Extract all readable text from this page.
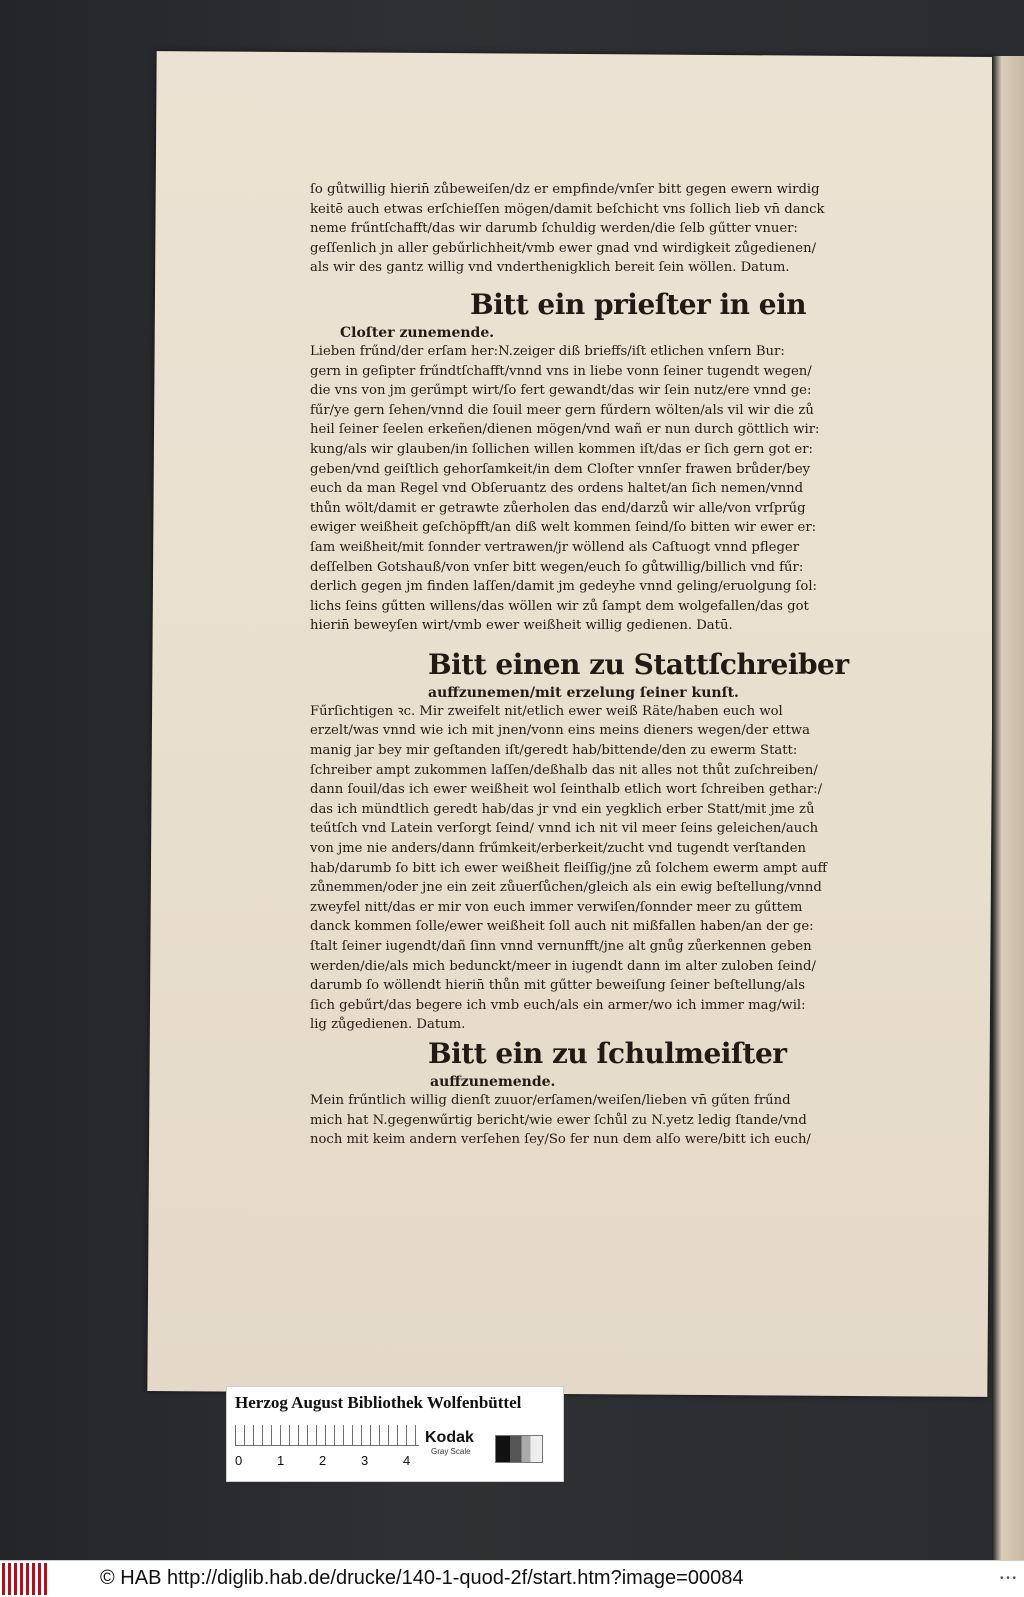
ſo gůtwillig hierin̄ zůbeweiſen/dz er empfinde/vnſer bitt gegen ewern wirdig
keitē auch etwas erſchieſſen mögen/damit beſchicht vns ſollich lieb vn̄ danck
neme frűntſchafft/das wir darumb ſchuldig werden/die ſelb gűtter vnuer:
geſſenlich jn aller gebűrlichheit/vmb ewer gnad vnd wirdigkeit zůgedienen/
als wir des gantz willig vnd vnderthenigklich bereit ſein wöllen. Datum.
Bitt ein prieſter in ein
Cloſter zunemende.
Lieben frűnd/der erſam her:N.zeiger diß brieffs/iſt etlichen vnſern Bur:
gern in geſipter frűndtſchafft/vnnd vns in liebe vonn ſeiner tugendt wegen/
die vns von jm gerűmpt wirt/ſo fert gewandt/das wir ſein nutz/ere vnnd ge:
fűr/ye gern ſehen/vnnd die ſouil meer gern fűrdern wölten/als vil wir die zů
heil ſeiner ſeelen erkeñen/dienen mögen/vnd wañ er nun durch göttlich wir:
kung/als wir glauben/in ſollichen willen kommen iſt/das er ſich gern got er:
geben/vnd geiſtlich gehorſamkeit/in dem Cloſter vnnſer frawen brůder/bey
euch da man Regel vnd Obſeruantz des ordens haltet/an ſich nemen/vnnd
thůn wölt/damit er getrawte zůerholen das end/darzů wir alle/von vrſprűg
ewiger weißheit geſchöpfft/an diß welt kommen ſeind/ſo bitten wir ewer er:
ſam weißheit/mit ſonnder vertrawen/jr wöllend als Caſtuogt vnnd pfleger
deſſelben Gotshauß/von vnſer bitt wegen/euch ſo gůtwillig/billich vnd fűr:
derlich gegen jm finden laſſen/damit jm gedeyhe vnnd geling/eruolgung ſol:
lichs ſeins gűtten willens/das wöllen wir zů ſampt dem wolgefallen/das got
hierin̄ beweyſen wirt/vmb ewer weißheit willig gedienen. Datū.
Bitt einen zu Stattſchreiber
auffzunemen/mit erzelung ſeiner kunſt.
Fűrſichtigen ꝛc. Mir zweifelt nit/etlich ewer weiß Räte/haben euch wol
erzelt/was vnnd wie ich mit jnen/vonn eins meins dieners wegen/der ettwa
manig jar bey mir geſtanden iſt/geredt hab/bittende/den zu ewerm Statt:
ſchreiber ampt zukommen laſſen/deßhalb das nit alles not thůt zuſchreiben/
dann ſouil/das ich ewer weißheit wol ſeinthalb etlich wort ſchreiben gethar:/
das ich mündtlich geredt hab/das jr vnd ein yegklich erber Statt/mit jme zů
teűtſch vnd Latein verſorgt ſeind/ vnnd ich nit vil meer ſeins geleichen/auch
von jme nie anders/dann frűmkeit/erberkeit/zucht vnd tugendt verſtanden
hab/darumb ſo bitt ich ewer weißheit fleiſſig/jne zů ſolchem ewerm ampt auff
zůnemmen/oder jne ein zeit zůuerſůchen/gleich als ein ewig beſtellung/vnnd
zweyfel nitt/das er mir von euch immer verwiſen/ſonnder meer zu gűttem
danck kommen ſolle/ewer weißheit ſoll auch nit mißfallen haben/an der ge:
ſtalt ſeiner iugendt/dañ ſinn vnnd vernunfft/jne alt gnůg zůerkennen geben
werden/die/als mich bedunckt/meer in iugendt dann im alter zuloben ſeind/
darumb ſo wöllendt hierin̄ thůn mit gűtter beweiſung ſeiner beſtellung/als
ſich gebűrt/das begere ich vmb euch/als ein armer/wo ich immer mag/wil:
lig zůgedienen. Datum.
Bitt ein zu ſchulmeiſter
auffzunemende.
Mein frűntlich willig dienſt zuuor/erſamen/weiſen/lieben vn̄ gűten frűnd
mich hat N.gegenwűrtig bericht/wie ewer ſchůl zu N.yetz ledig ſtande/vnd
noch mit keim andern verſehen ſey/So fer nun dem alſo were/bitt ich euch/
Herzog August Bibliothek Wolfenbüttel
0	1	2	3	4
Kodak
Gray Scale
© HAB http://diglib.hab.de/drucke/140-1-quod-2f/start.htm?image=00084	• • •
